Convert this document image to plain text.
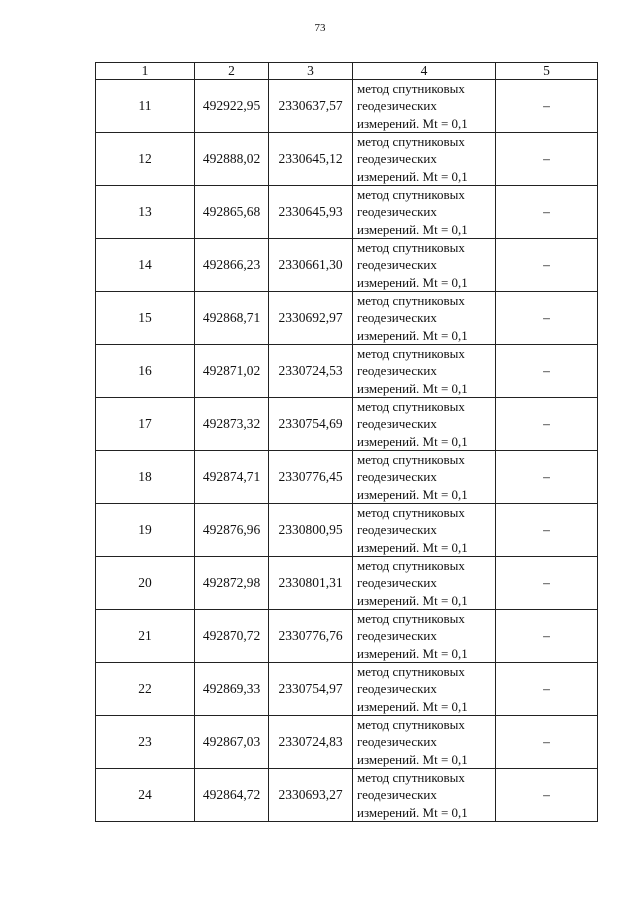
73
1	2	3	4	5
11	492922,95	2330637,57	метод спутниковых геодезических измерений. Mt = 0,1	–
12	492888,02	2330645,12	метод спутниковых геодезических измерений. Mt = 0,1	–
13	492865,68	2330645,93	метод спутниковых геодезических измерений. Mt = 0,1	–
14	492866,23	2330661,30	метод спутниковых геодезических измерений. Mt = 0,1	–
15	492868,71	2330692,97	метод спутниковых геодезических измерений. Mt = 0,1	–
16	492871,02	2330724,53	метод спутниковых геодезических измерений. Mt = 0,1	–
17	492873,32	2330754,69	метод спутниковых геодезических измерений. Mt = 0,1	–
18	492874,71	2330776,45	метод спутниковых геодезических измерений. Mt = 0,1	–
19	492876,96	2330800,95	метод спутниковых геодезических измерений. Mt = 0,1	–
20	492872,98	2330801,31	метод спутниковых геодезических измерений. Mt = 0,1	–
21	492870,72	2330776,76	метод спутниковых геодезических измерений. Mt = 0,1	–
22	492869,33	2330754,97	метод спутниковых геодезических измерений. Mt = 0,1	–
23	492867,03	2330724,83	метод спутниковых геодезических измерений. Mt = 0,1	–
24	492864,72	2330693,27	метод спутниковых геодезических измерений. Mt = 0,1	–
